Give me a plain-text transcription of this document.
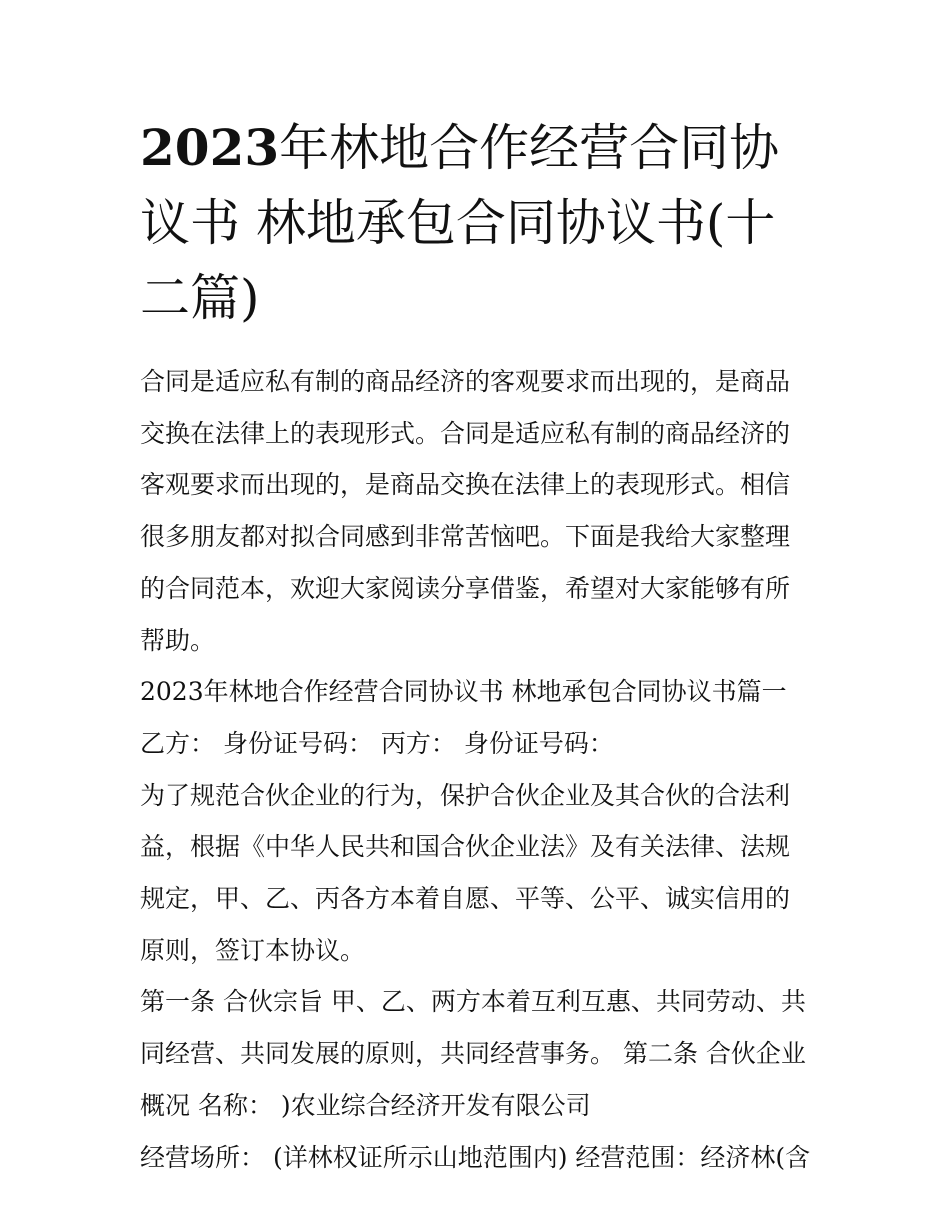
2023年林地合作经营合同协议书 林地承包合同协议书(十二篇)

合同是适应私有制的商品经济的客观要求而出现的，是商品交换在法律上的表现形式。合同是适应私有制的商品经济的客观要求而出现的，是商品交换在法律上的表现形式。相信很多朋友都对拟合同感到非常苦恼吧。下面是我给大家整理的合同范本，欢迎大家阅读分享借鉴，希望对大家能够有所帮助。

2023年林地合作经营合同协议书 林地承包合同协议书篇一 乙方： 身份证号码： 丙方： 身份证号码：

为了规范合伙企业的行为，保护合伙企业及其合伙的合法利益，根据《中华人民共和国合伙企业法》及有关法律、法规规定，甲、乙、丙各方本着自愿、平等、公平、诚实信用的原则，签订本协议。

第一条 合伙宗旨 甲、乙、两方本着互利互惠、共同劳动、共同经营、共同发展的原则，共同经营事务。 第二条 合伙企业概况 名称： )农业综合经济开发有限公司

经营场所： (详林权证所示山地范围内) 经营范围：经济林(含
